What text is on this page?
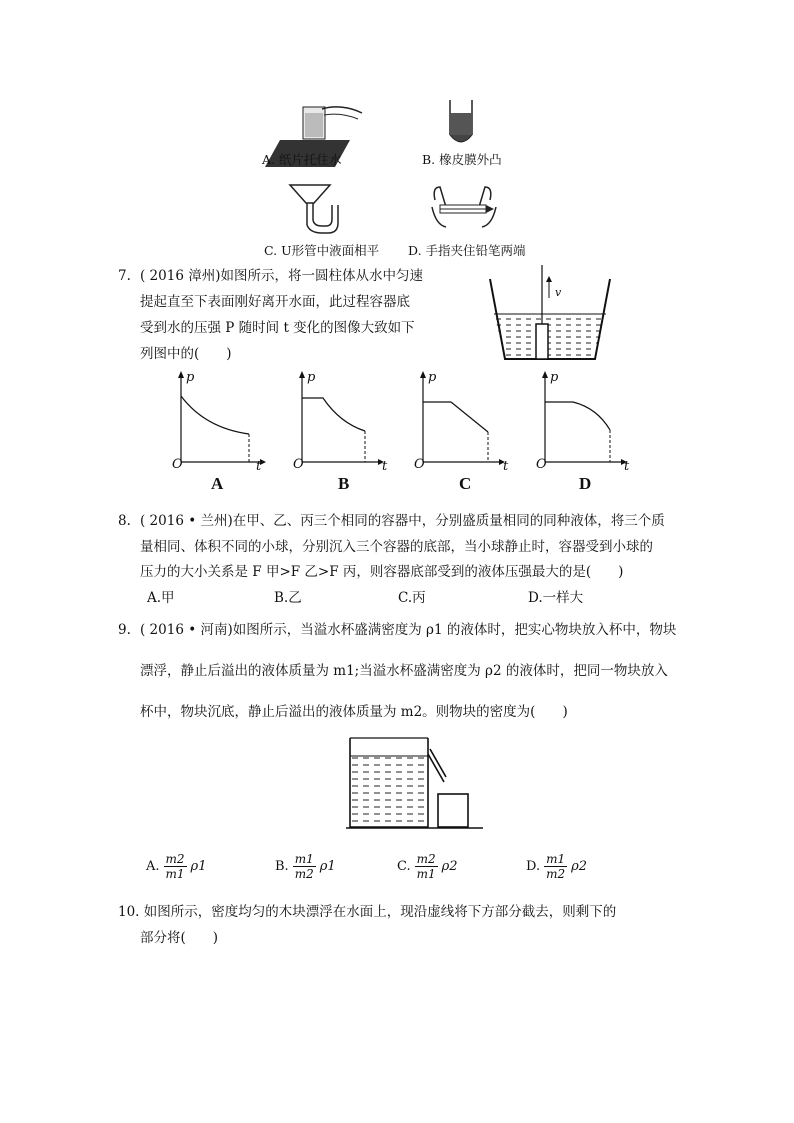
A. 纸片托住水	B. 橡皮膜外凸
C. U形管中液面相平 D. 手指夹住铅笔两端
7. ( 2016 漳州)如图所示，将一圆柱体从水中匀速
提起直至下表面刚好离开水面，此过程容器底
受到水的压强 P 随时间 t 变化的图像大致如下
列图中的(　　)
v
p
O	t
A
p
O	t
B
p
O	t
C
p
O	t
D
8. ( 2016 • 兰州)在甲、乙、丙三个相同的容器中，分别盛质量相同的同种液体，将三个质
量相同、体积不同的小球，分别沉入三个容器的底部，当小球静止时，容器受到小球的
压力的大小关系是 F 甲>F 乙>F 丙，则容器底部受到的液体压强最大的是(　　)
A.甲	B.乙	C.丙	D.一样大
9. ( 2016 • 河南)如图所示，当溢水杯盛满密度为 ρ1 的液体时，把实心物块放入杯中，物块
漂浮，静止后溢出的液体质量为 m1;当溢水杯盛满密度为 ρ2 的液体时，把同一物块放入
杯中，物块沉底，静止后溢出的液体质量为 m2。则物块的密度为(　　)
A. $\frac{m2}{m1} \rho 1$	B. $\frac{m1}{m2} \rho 1$	C. $\frac{m2}{m1} \rho 2$	D. $\frac{m1}{m2} \rho 2$
10. 如图所示，密度均匀的木块漂浮在水面上，现沿虚线将下方部分截去，则剩下的
部分将(　　)
